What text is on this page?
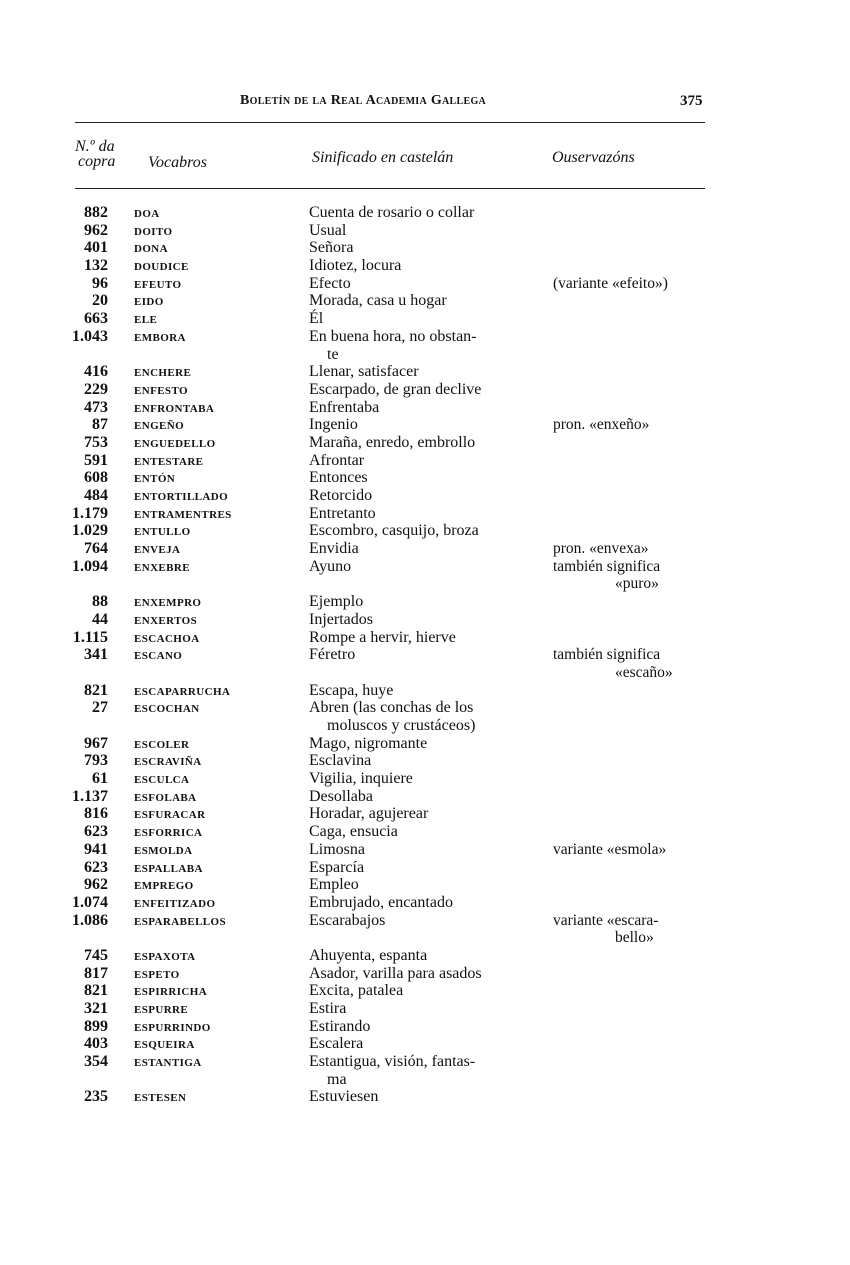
Boletín de la Real Academia Gallega	375
N.º da
copra Vocabros	Sinificado en castelán	Ouservazóns
882 DOA	Cuenta de rosario o collar
962 DOITO	Usual
401 DONA	Señora
132 DOUDICE	Idiotez, locura
96 EFEUTO	Efecto	(variante «efeito»)
20 EIDO	Morada, casa u hogar
663 ELE	Él
1.043 EMBORA	En buena hora, no obstan-
te
416 ENCHERE	Llenar, satisfacer
229 ENFESTO	Escarpado, de gran declive
473 ENFRONTABA	Enfrentaba
87 ENGEÑO	Ingenio	pron. «enxeño»
753 ENGUEDELLO	Maraña, enredo, embrollo
591 ENTESTARE	Afrontar
608 ENTÓN	Entonces
484 ENTORTILLADO	Retorcido
1.179 ENTRAMENTRES	Entretanto
1.029 ENTULLO	Escombro, casquijo, broza
764 ENVEJA	Envidia	pron. «envexa»
1.094 ENXEBRE	Ayuno	también significa
«puro»
88 ENXEMPRO	Ejemplo
44 ENXERTOS	Injertados
1.115 ESCACHOA	Rompe a hervir, hierve
341 ESCANO	Féretro	también significa
«escaño»
821 ESCAPARRUCHA	Escapa, huye
27 ESCOCHAN	Abren (las conchas de los
moluscos y crustáceos)
967 ESCOLER	Mago, nigromante
793 ESCRAVIÑA	Esclavina
61 ESCULCA	Vigilia, inquiere
1.137 ESFOLABA	Desollaba
816 ESFURACAR	Horadar, agujerear
623 ESFORRICA	Caga, ensucia
941 ESMOLDA	Limosna	variante «esmola»
623 ESPALLABA	Esparcía
962 EMPREGO	Empleo
1.074 ENFEITIZADO	Embrujado, encantado
1.086 ESPARABELLOS	Escarabajos	variante «escara-
bello»
745 ESPAXOTA	Ahuyenta, espanta
817 ESPETO	Asador, varilla para asados
821 ESPIRRICHA	Excita, patalea
321 ESPURRE	Estira
899 ESPURRINDO	Estirando
403 ESQUEIRA	Escalera
354 ESTANTIGA	Estantigua, visión, fantas-
ma
235 ESTESEN	Estuviesen
